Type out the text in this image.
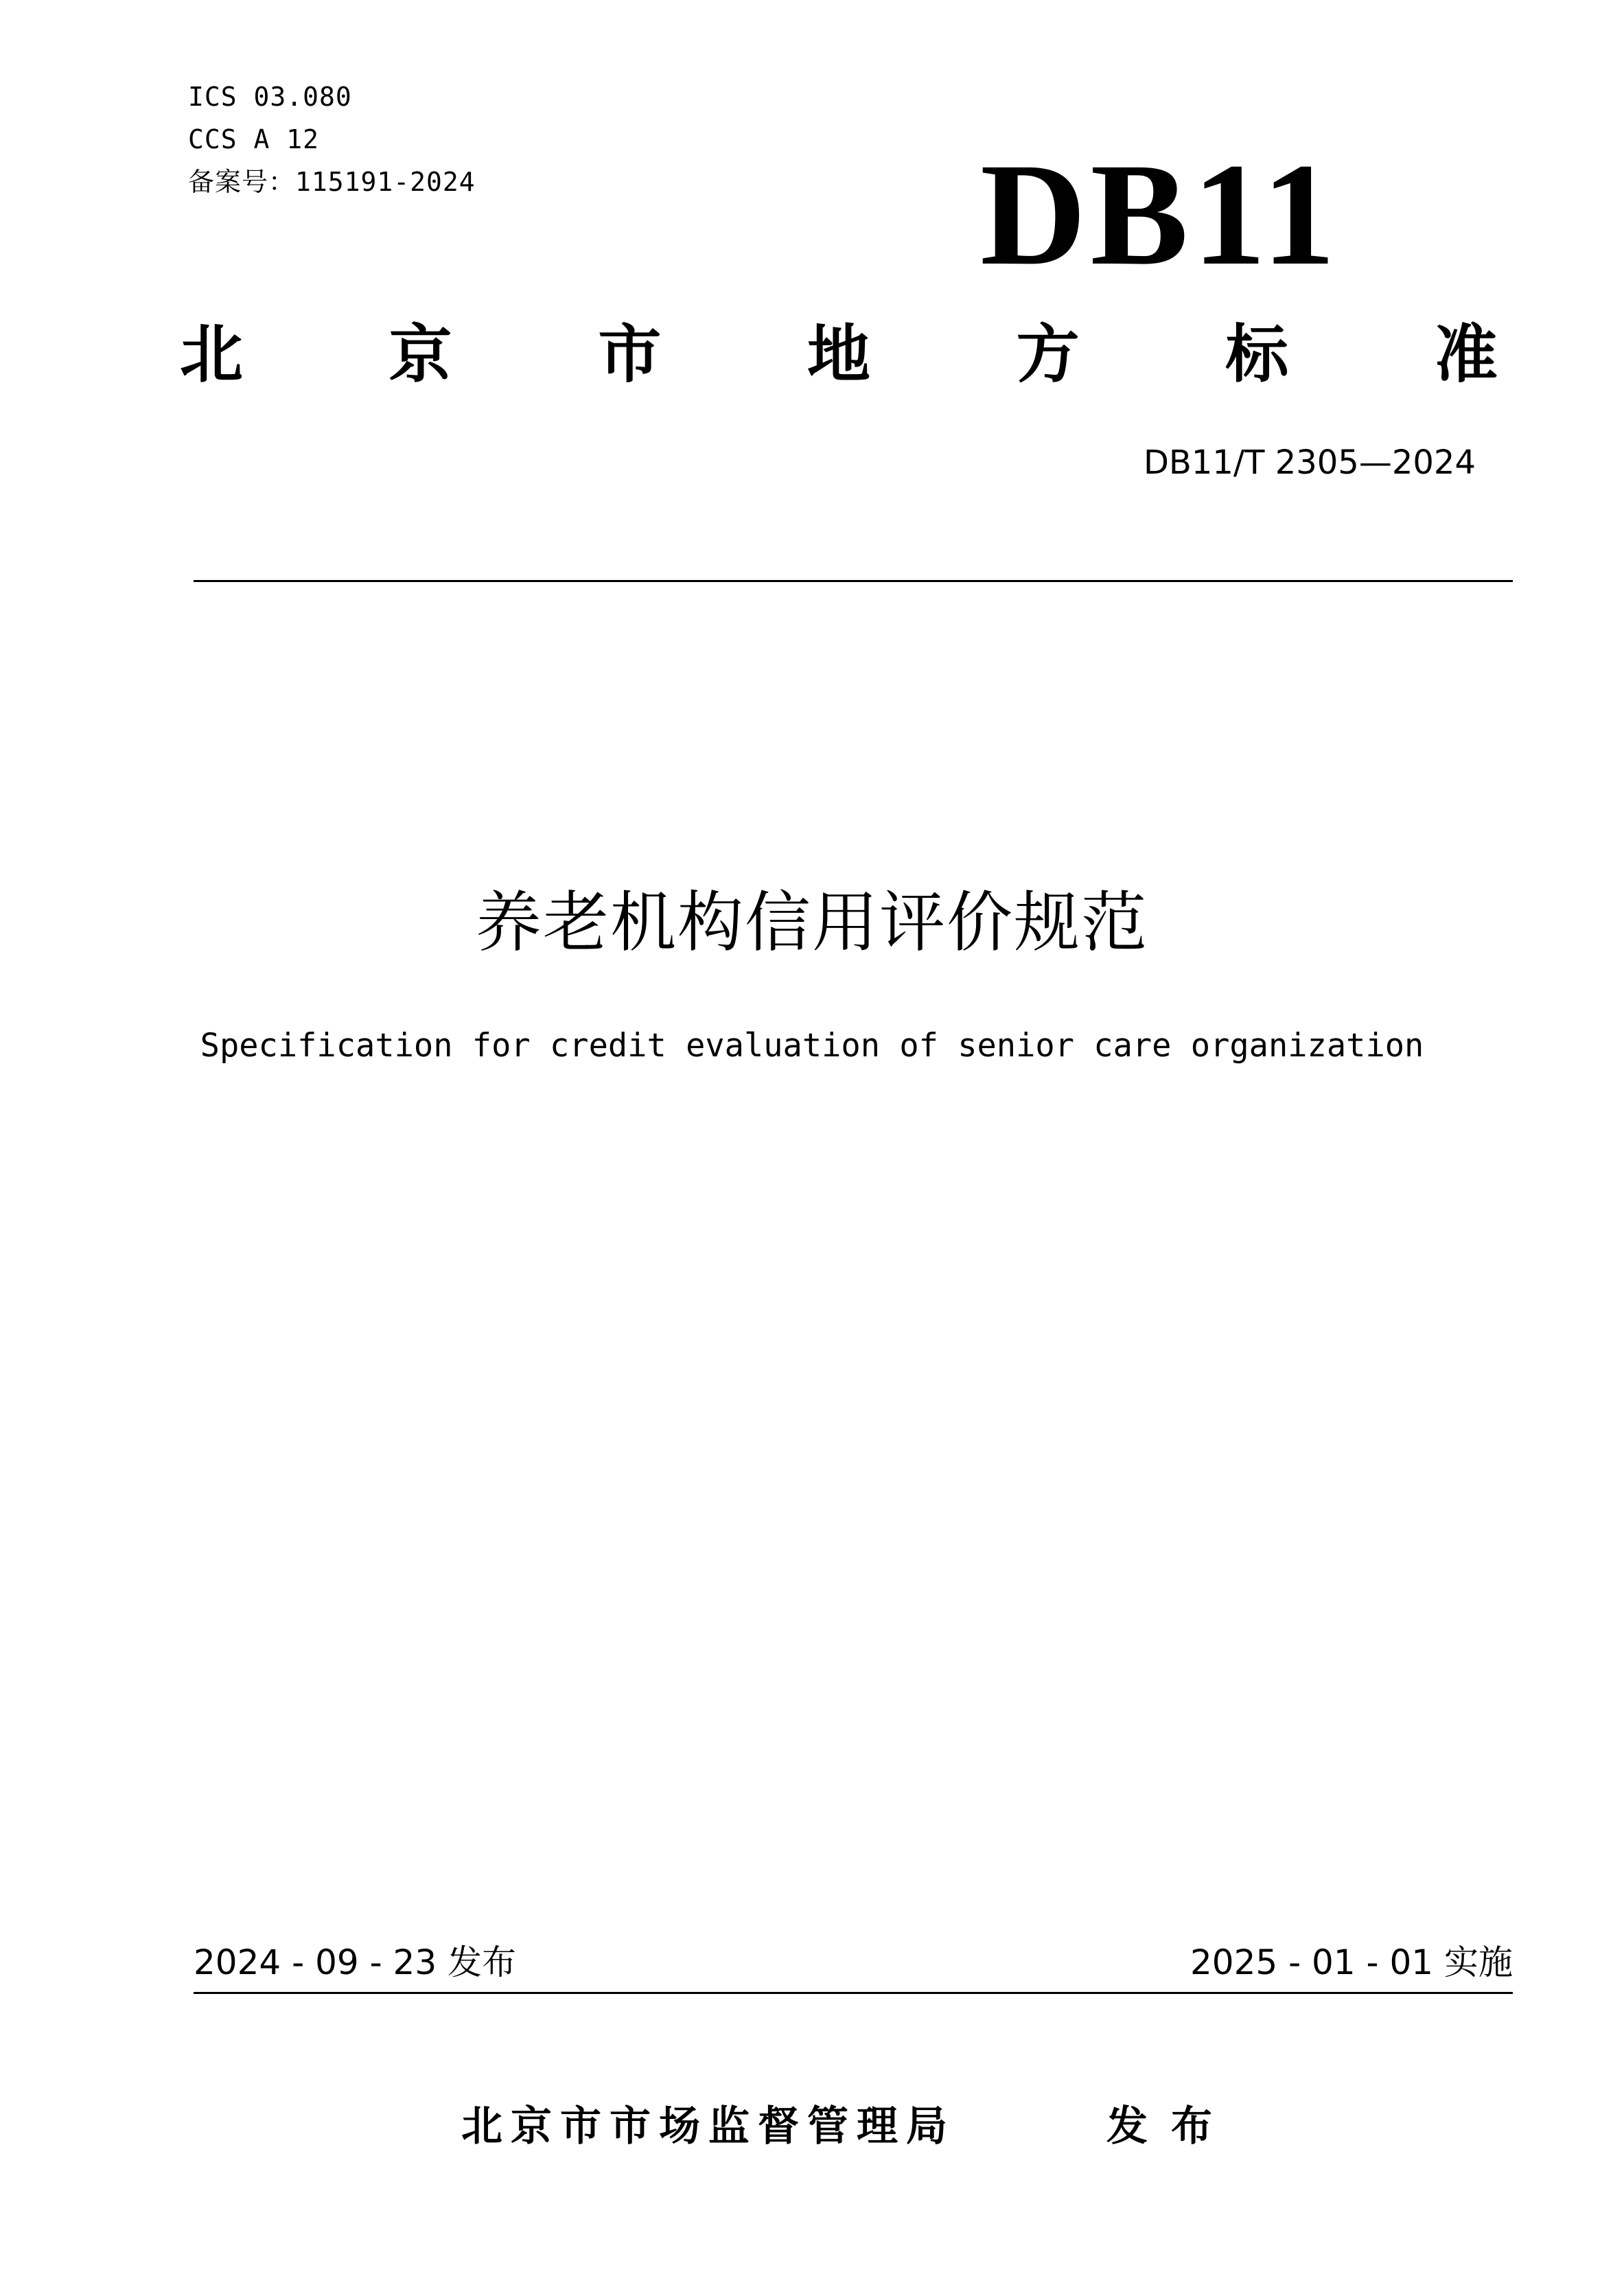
ICS 03.080
CCS A 12
备案号：115191-2024	DB11
北 京 市 地 方 标 准
DB11/T 2305—2024
养老机构信用评价规范
Specification for credit evaluation of senior care organization
2024 - 09 - 23 发布	2025 - 01 - 01 实施
北京市市场监督管理局	发布
